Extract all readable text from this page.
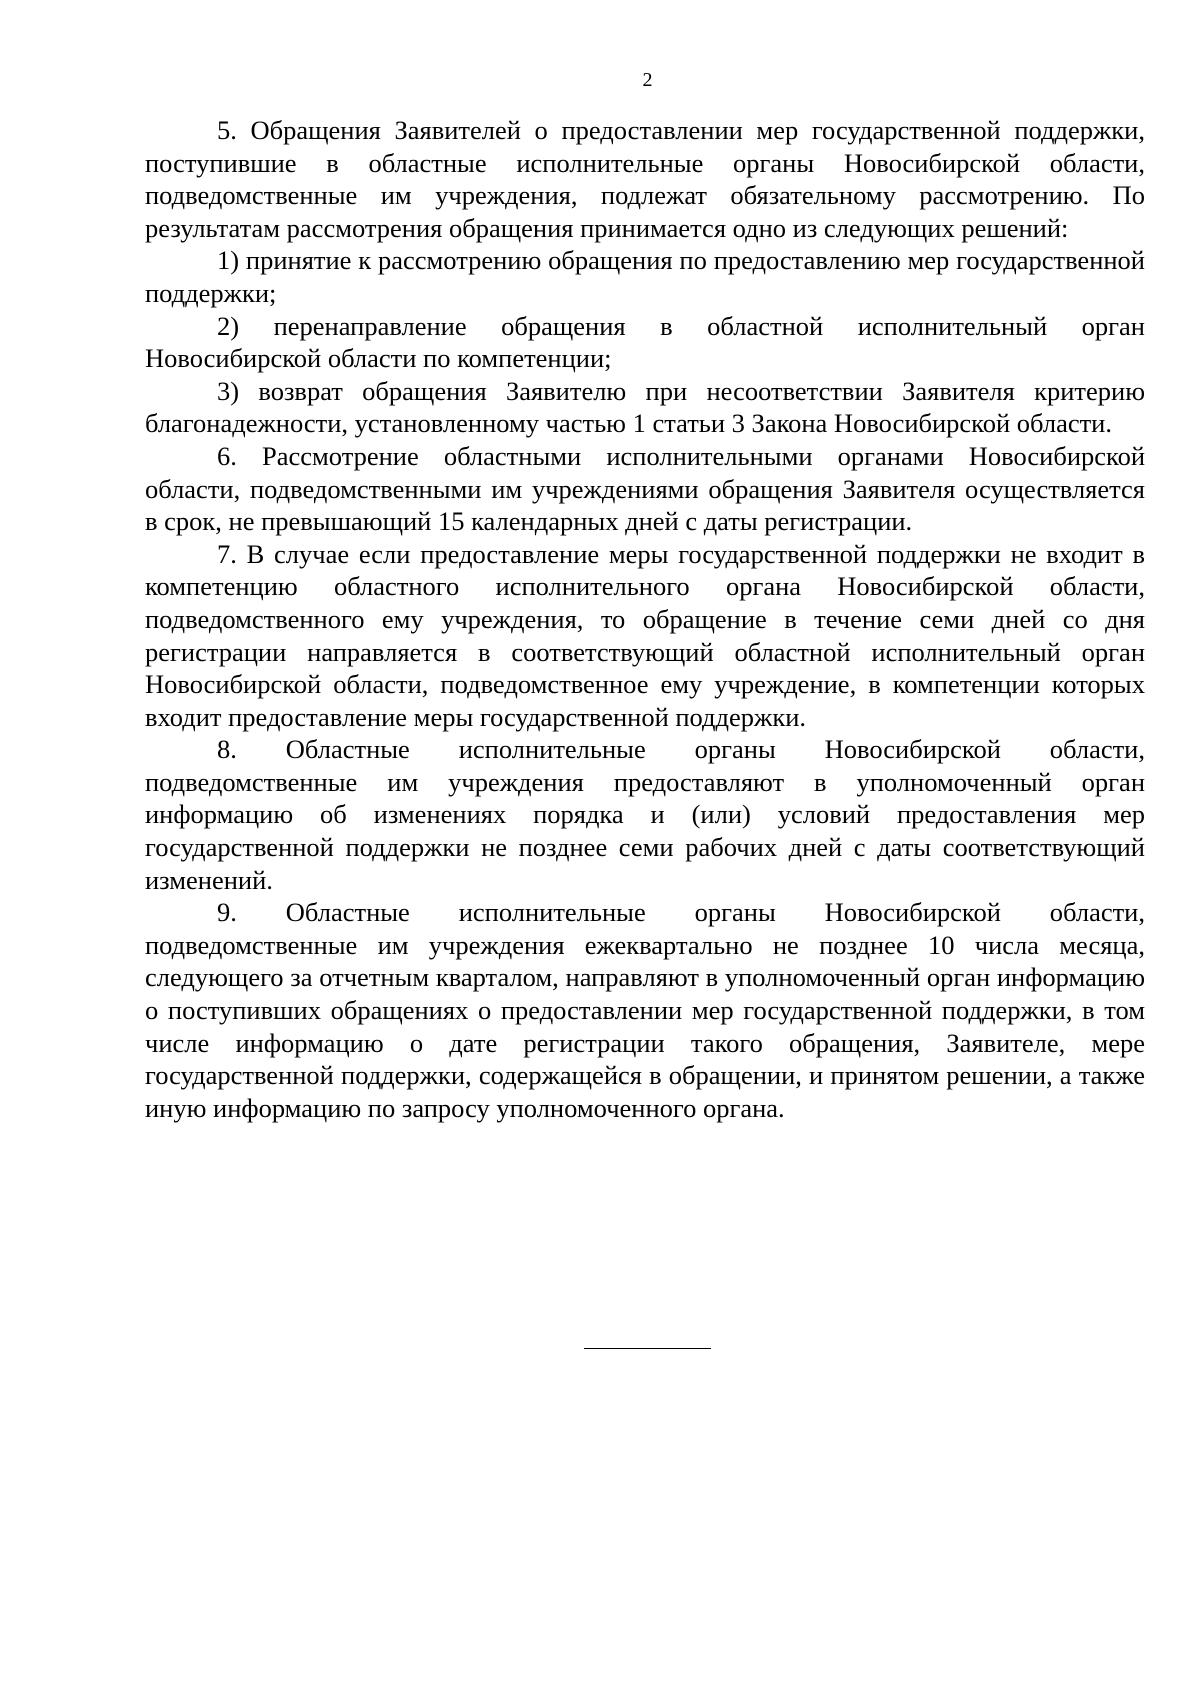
2

5. Обращения Заявителей о предоставлении мер государственной поддержки, поступившие в областные исполнительные органы Новосибирской области, подведомственные им учреждения, подлежат обязательному рассмотрению. По результатам рассмотрения обращения принимается одно из следующих решений:

1) принятие к рассмотрению обращения по предоставлению мер государственной поддержки;

2) перенаправление обращения в областной исполнительный орган Новосибирской области по компетенции;

3) возврат обращения Заявителю при несоответствии Заявителя критерию благонадежности, установленному частью 1 статьи 3 Закона Новосибирской области.

6. Рассмотрение областными исполнительными органами Новосибирской области, подведомственными им учреждениями обращения Заявителя осуществляется в срок, не превышающий 15 календарных дней с даты регистрации.

7. В случае если предоставление меры государственной поддержки не входит в компетенцию областного исполнительного органа Новосибирской области, подведомственного ему учреждения, то обращение в течение семи дней со дня регистрации направляется в соответствующий областной исполнительный орган Новосибирской области, подведомственное ему учреждение, в компетенции которых входит предоставление меры государственной поддержки.

8. Областные исполнительные органы Новосибирской области, подведомственные им учреждения предоставляют в уполномоченный орган информацию об изменениях порядка и (или) условий предоставления мер государственной поддержки не позднее семи рабочих дней с даты соответствующий изменений.

9. Областные исполнительные органы Новосибирской области, подведомственные им учреждения ежеквартально не позднее 10 числа месяца, следующего за отчетным кварталом, направляют в уполномоченный орган информацию о поступивших обращениях о предоставлении мер государственной поддержки, в том числе информацию о дате регистрации такого обращения, Заявителе, мере государственной поддержки, содержащейся в обращении, и принятом решении, а также иную информацию по запросу уполномоченного органа.
